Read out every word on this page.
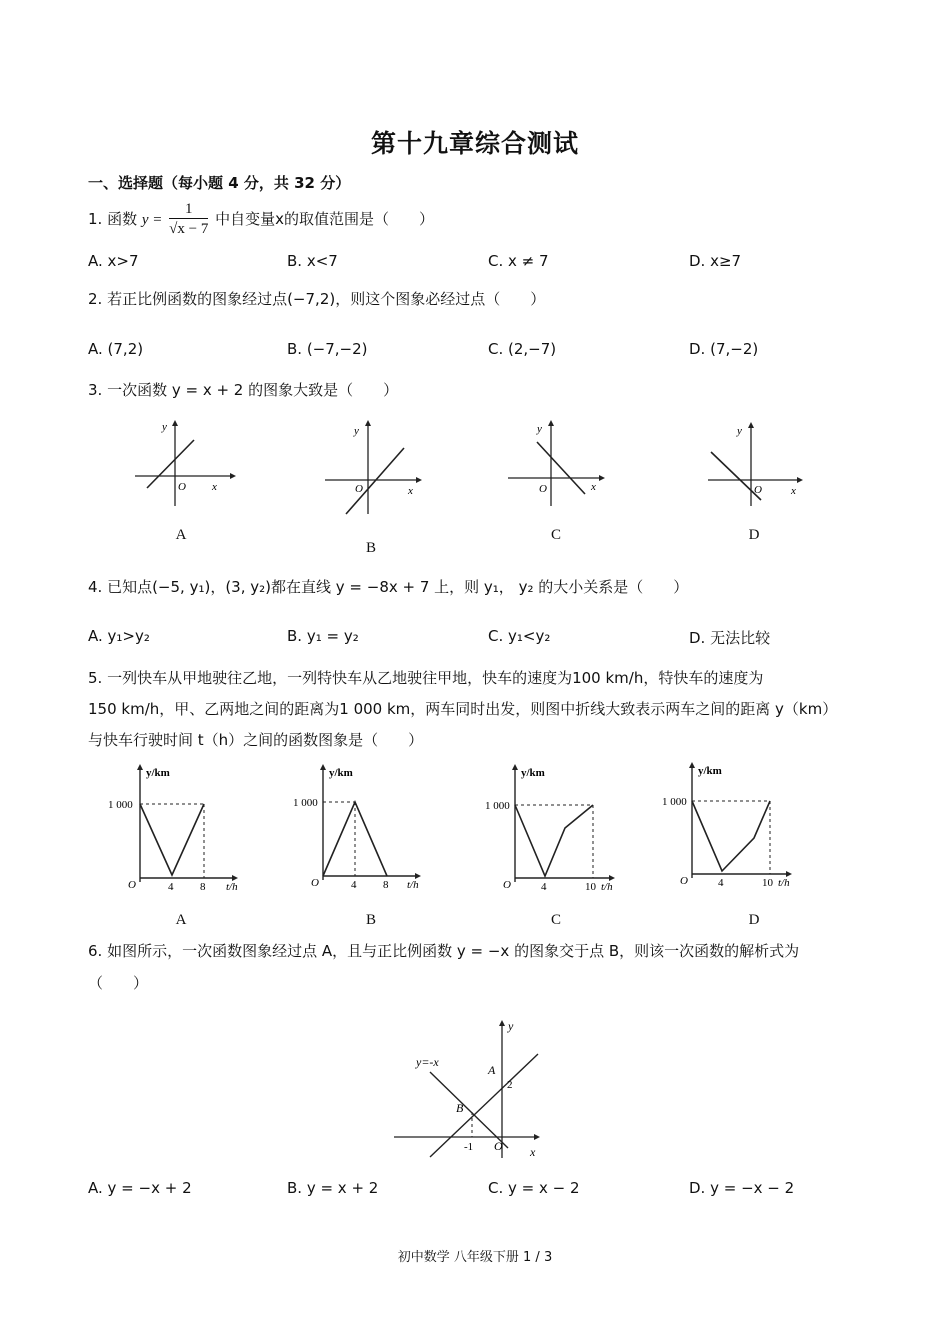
第十九章综合测试
一、选择题（每小题 4 分，共 32 分）
1. 函数 $y = \frac{1}{√x - 7}$ 中自变量x的取值范围是（　　）
A. x>7	B. x<7	C. x ≠ 7	D. x≥7
2. 若正比例函数的图象经过点(−7,2)，则这个图象必经过点（　　）
A. (7,2)	B. (−7,−2)	C. (2,−7)	D. (7,−2)
3. 一次函数 y = x + 2 的图象大致是（　　）
y
x
O
y
x
O
y
x
O
y
x
O
A
B
C	D
4. 已知点(−5, y₁)，(3, y₂)都在直线 y = −8x + 7 上，则 y₁， y₂ 的大小关系是（　　）
A. y₁>y₂	B. y₁ = y₂	C. y₁<y₂	D. 无法比较
5. 一列快车从甲地驶往乙地，一列特快车从乙地驶往甲地，快车的速度为100 km/h，特快车的速度为
150 km/h，甲、乙两地之间的距离为1 000 km，两车同时出发，则图中折线大致表示两车之间的距离 y（km）
与快车行驶时间 t（h）之间的函数图象是（　　）
y/km
t/h
1 000
O	4 8
y/km
t/h
1 000
O	4 8
y/km
t/h
1 000
O	4	10
y/km
t/h
1 000
O	4	10
A	B	C	D
6. 如图所示，一次函数图象经过点 A，且与正比例函数 y = −x 的图象交于点 B，则该一次函数的解析式为
（　　）
y=-x
A
B
O x
y
2
-1
A. y = −x + 2	B. y = x + 2	C. y = x − 2	D. y = −x − 2
初中数学 八年级下册 1 / 3
